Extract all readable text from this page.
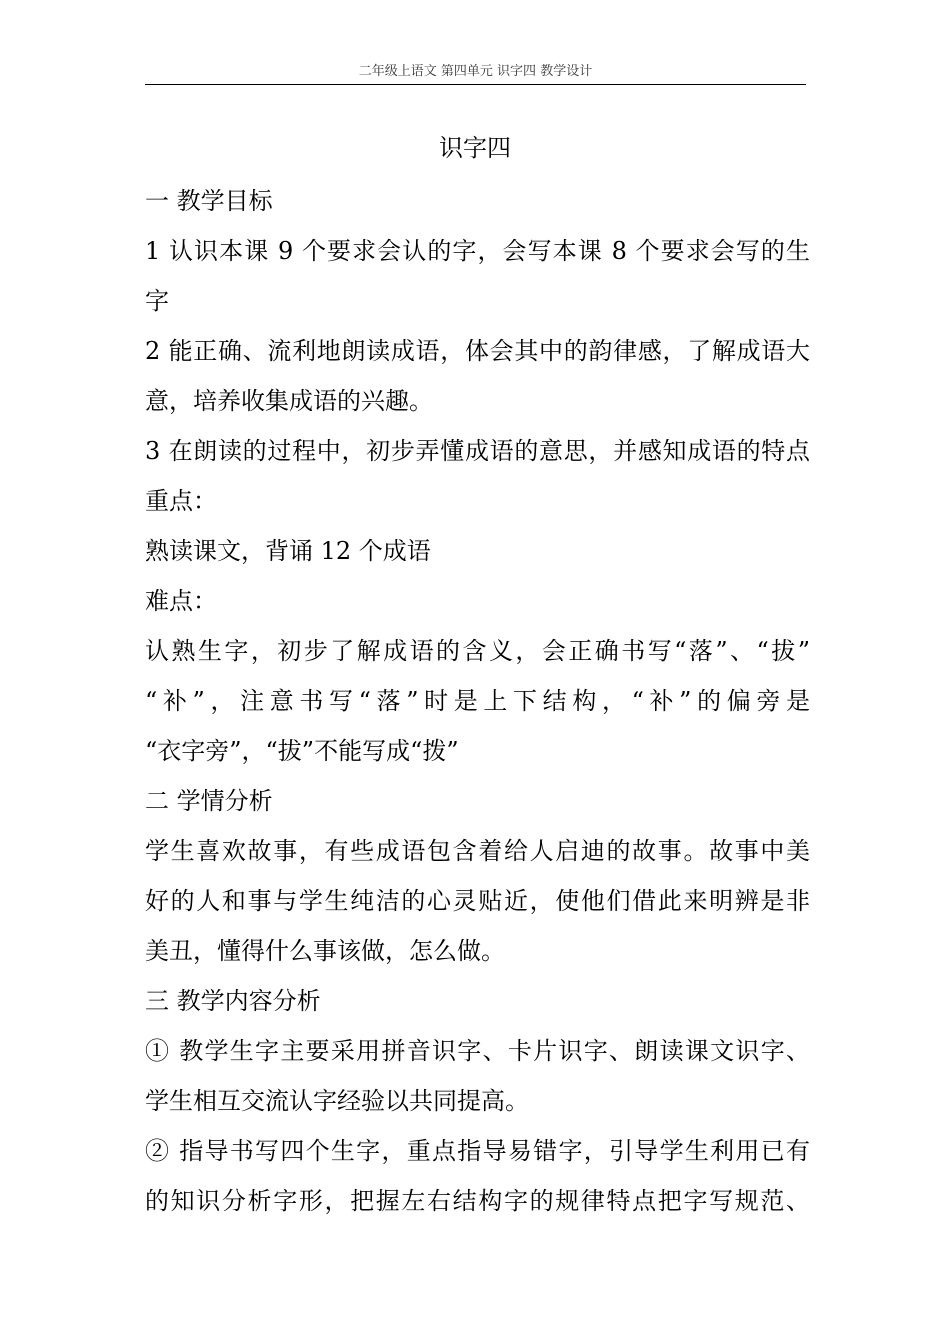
二年级上语文 第四单元 识字四 教学设计
识字四
一 教学目标
1 认识本课 9 个要求会认的字，会写本课 8 个要求会写的生
字
2 能正确、流利地朗读成语，体会其中的韵律感，了解成语大
意，培养收集成语的兴趣。
3 在朗读的过程中，初步弄懂成语的意思，并感知成语的特点
重点：
熟读课文，背诵 12 个成语
难点：
认熟生字，初步了解成语的含义，会正确书写“落”、“拔”
“补”，注意书写“落”时是上下结构，“补”的偏旁是
“衣字旁”，“拔”不能写成“拨”
二 学情分析
学生喜欢故事，有些成语包含着给人启迪的故事。故事中美
好的人和事与学生纯洁的心灵贴近，使他们借此来明辨是非
美丑，懂得什么事该做，怎么做。
三 教学内容分析
① 教学生字主要采用拼音识字、卡片识字、朗读课文识字、
学生相互交流认字经验以共同提高。
② 指导书写四个生字，重点指导易错字，引导学生利用已有
的知识分析字形，把握左右结构字的规律特点把字写规范、
